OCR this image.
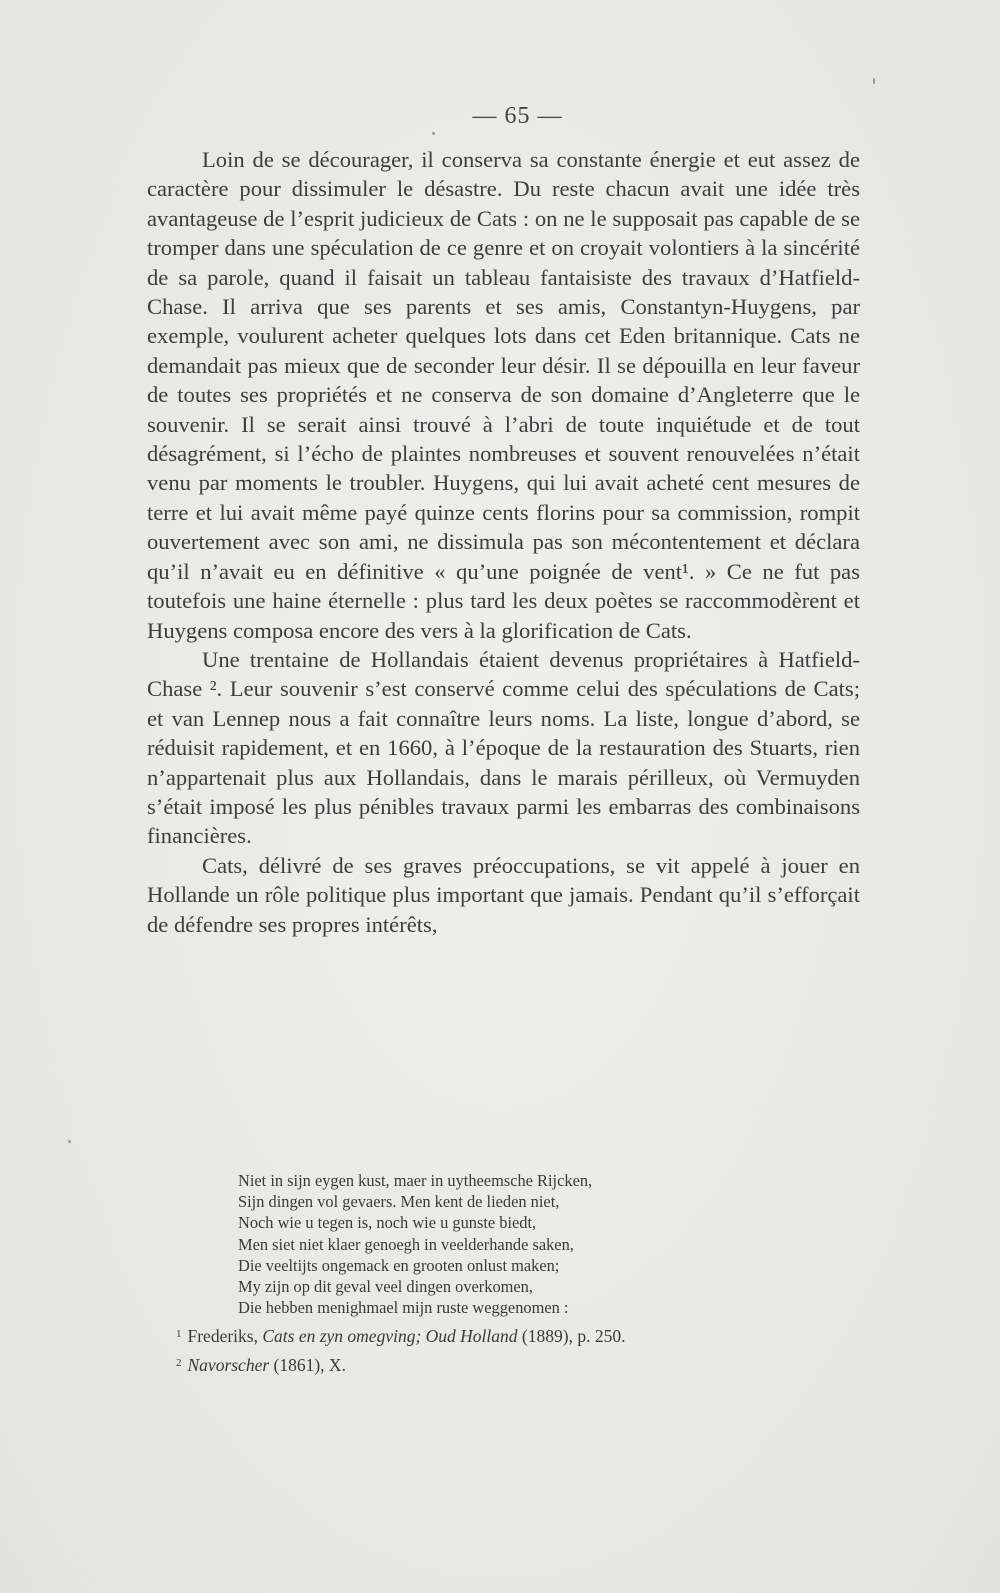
— 65 —

Loin de se décourager, il conserva sa constante énergie et eut assez de caractère pour dissimuler le désastre. Du reste chacun avait une idée très avantageuse de l’esprit judicieux de Cats : on ne le supposait pas capable de se tromper dans une spéculation de ce genre et on croyait volontiers à la sincérité de sa parole, quand il faisait un tableau fantaisiste des travaux d’Hatfield-Chase. Il arriva que ses parents et ses amis, Constantyn-Huygens, par exemple, voulurent acheter quelques lots dans cet Eden britannique. Cats ne demandait pas mieux que de seconder leur désir. Il se dépouilla en leur faveur de toutes ses propriétés et ne conserva de son domaine d’Angleterre que le souvenir. Il se serait ainsi trouvé à l’abri de toute inquiétude et de tout désagrément, si l’écho de plaintes nombreuses et souvent renouvelées n’était venu par moments le troubler. Huygens, qui lui avait acheté cent mesures de terre et lui avait même payé quinze cents florins pour sa commission, rompit ouvertement avec son ami, ne dissimula pas son mécontentement et déclara qu’il n’avait eu en définitive « qu’une poignée de vent¹. » Ce ne fut pas toutefois une haine éternelle : plus tard les deux poètes se raccommodèrent et Huygens composa encore des vers à la glorification de Cats.

Une trentaine de Hollandais étaient devenus propriétaires à Hatfield-Chase ². Leur souvenir s’est conservé comme celui des spéculations de Cats; et van Lennep nous a fait connaître leurs noms. La liste, longue d’abord, se réduisit rapidement, et en 1660, à l’époque de la restauration des Stuarts, rien n’appartenait plus aux Hollandais, dans le marais périlleux, où Vermuyden s’était imposé les plus pénibles travaux parmi les embarras des combinaisons financières.

Cats, délivré de ses graves préoccupations, se vit appelé à jouer en Hollande un rôle politique plus important que jamais. Pendant qu’il s’efforçait de défendre ses propres intérêts,

Niet in sijn eygen kust, maer in uytheemsche Rijcken,
Sijn dingen vol gevaers. Men kent de lieden niet,
Noch wie u tegen is, noch wie u gunste biedt,
Men siet niet klaer genoegh in veelderhande saken,
Die veeltijts ongemack en grooten onlust maken;
My zijn op dit geval veel dingen overkomen,
Die hebben menighmael mijn ruste weggenomen :
$^1$ Frederiks, Cats en zyn omegving; Oud Holland (1889), p. 250.
$^2$ Navorscher (1861), X.
